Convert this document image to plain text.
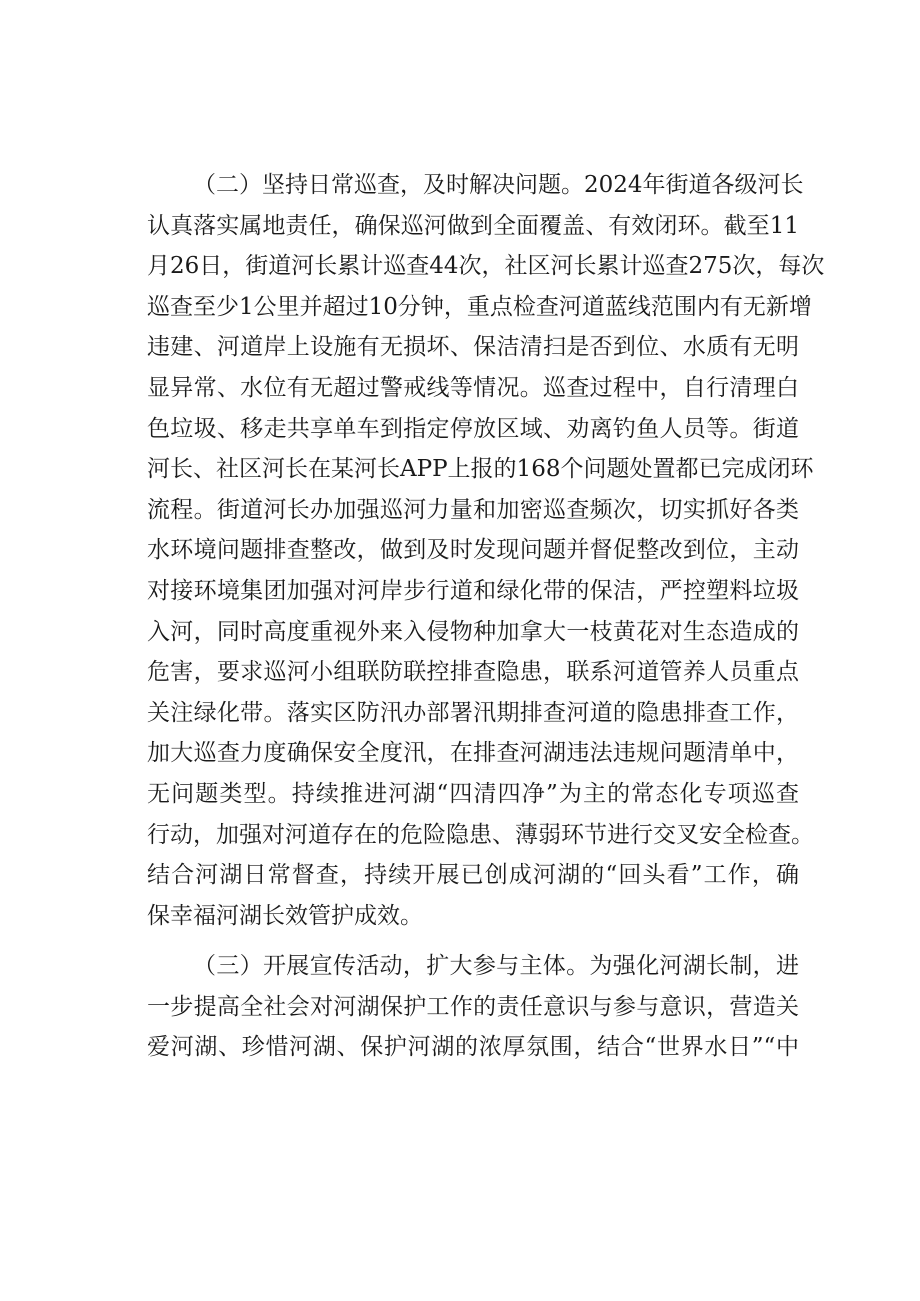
（二）坚持日常巡查，及时解决问题。2024年街道各级河长
认真落实属地责任，确保巡河做到全面覆盖、有效闭环。截至11
月26日，街道河长累计巡查44次，社区河长累计巡查275次，每次
巡查至少1公里并超过10分钟，重点检查河道蓝线范围内有无新增
违建、河道岸上设施有无损坏、保洁清扫是否到位、水质有无明
显异常、水位有无超过警戒线等情况。巡查过程中，自行清理白
色垃圾、移走共享单车到指定停放区域、劝离钓鱼人员等。街道
河长、社区河长在某河长APP上报的168个问题处置都已完成闭环
流程。街道河长办加强巡河力量和加密巡查频次，切实抓好各类
水环境问题排查整改，做到及时发现问题并督促整改到位，主动
对接环境集团加强对河岸步行道和绿化带的保洁，严控塑料垃圾
入河，同时高度重视外来入侵物种加拿大一枝黄花对生态造成的
危害，要求巡河小组联防联控排查隐患，联系河道管养人员重点
关注绿化带。落实区防汛办部署汛期排查河道的隐患排查工作，
加大巡查力度确保安全度汛，在排查河湖违法违规问题清单中，
无问题类型。持续推进河湖“四清四净”为主的常态化专项巡查
行动，加强对河道存在的危险隐患、薄弱环节进行交叉安全检查。
结合河湖日常督查，持续开展已创成河湖的“回头看”工作，确
保幸福河湖长效管护成效。
（三）开展宣传活动，扩大参与主体。为强化河湖长制，进
一步提高全社会对河湖保护工作的责任意识与参与意识，营造关
爱河湖、珍惜河湖、保护河湖的浓厚氛围，结合“世界水日”“中
